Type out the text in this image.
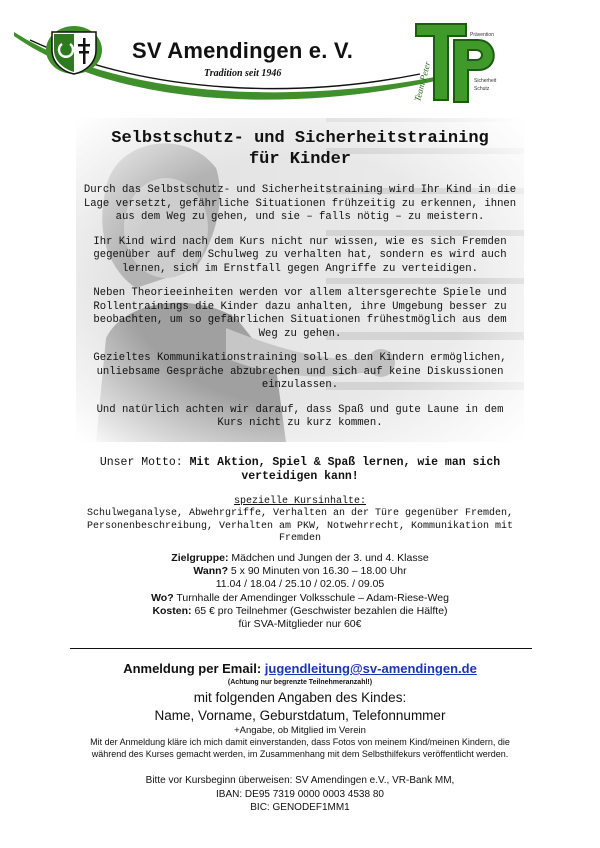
SV Amendingen e. V.
Tradition seit 1946	Team Peter
Prävention
Sicherheit
Schutz
Selbstschutz- und Sicherheitstraining
für Kinder

Durch das Selbstschutz- und Sicherheitstraining wird Ihr Kind in die Lage versetzt, gefährliche Situationen frühzeitig zu erkennen, ihnen aus dem Weg zu gehen, und sie – falls nötig – zu meistern.

Ihr Kind wird nach dem Kurs nicht nur wissen, wie es sich Fremden gegenüber auf dem Schulweg zu verhalten hat, sondern es wird auch lernen, sich im Ernstfall gegen Angriffe zu verteidigen.

Neben Theorieeinheiten werden vor allem altersgerechte Spiele und Rollentrainings die Kinder dazu anhalten, ihre Umgebung besser zu beobachten, um so gefährlichen Situationen frühestmöglich aus dem Weg zu gehen.

Gezieltes Kommunikationstraining soll es den Kindern ermöglichen, unliebsame Gespräche abzubrechen und sich auf keine Diskussionen einzulassen.

Und natürlich achten wir darauf, dass Spaß und gute Laune in dem Kurs nicht zu kurz kommen.

Unser Motto: Mit Aktion, Spiel & Spaß lernen, wie man sich verteidigen kann!
spezielle Kursinhalte:
Schulweganalyse, Abwehrgriffe, Verhalten an der Türe gegenüber Fremden, Personenbeschreibung, Verhalten am PKW, Notwehrrecht, Kommunikation mit Fremden
Zielgruppe: Mädchen und Jungen der 3. und 4. Klasse
Wann? 5 x 90 Minuten von 16.30 – 18.00 Uhr
11.04 / 18.04 / 25.10 / 02.05. / 09.05
Wo? Turnhalle der Amendinger Volksschule – Adam-Riese-Weg
Kosten: 65 € pro Teilnehmer (Geschwister bezahlen die Hälfte)
für SVA-Mitglieder nur 60€
Anmeldung per Email: jugendleitung@sv-amendingen.de
(Achtung nur begrenzte Teilnehmeranzahl!)
mit folgenden Angaben des Kindes:
Name, Vorname, Geburstdatum, Telefonnummer
+Angabe, ob Mitglied im Verein
Mit der Anmeldung kläre ich mich damit einverstanden, dass Fotos von meinem Kind/meinen Kindern, die
während des Kurses gemacht werden, im Zusammenhang mit dem Selbsthilfekurs veröffentlicht werden.
Bitte vor Kursbeginn überweisen: SV Amendingen e.V., VR-Bank MM,
IBAN: DE95 7319 0000 0003 4538 80
BIC: GENODEF1MM1
